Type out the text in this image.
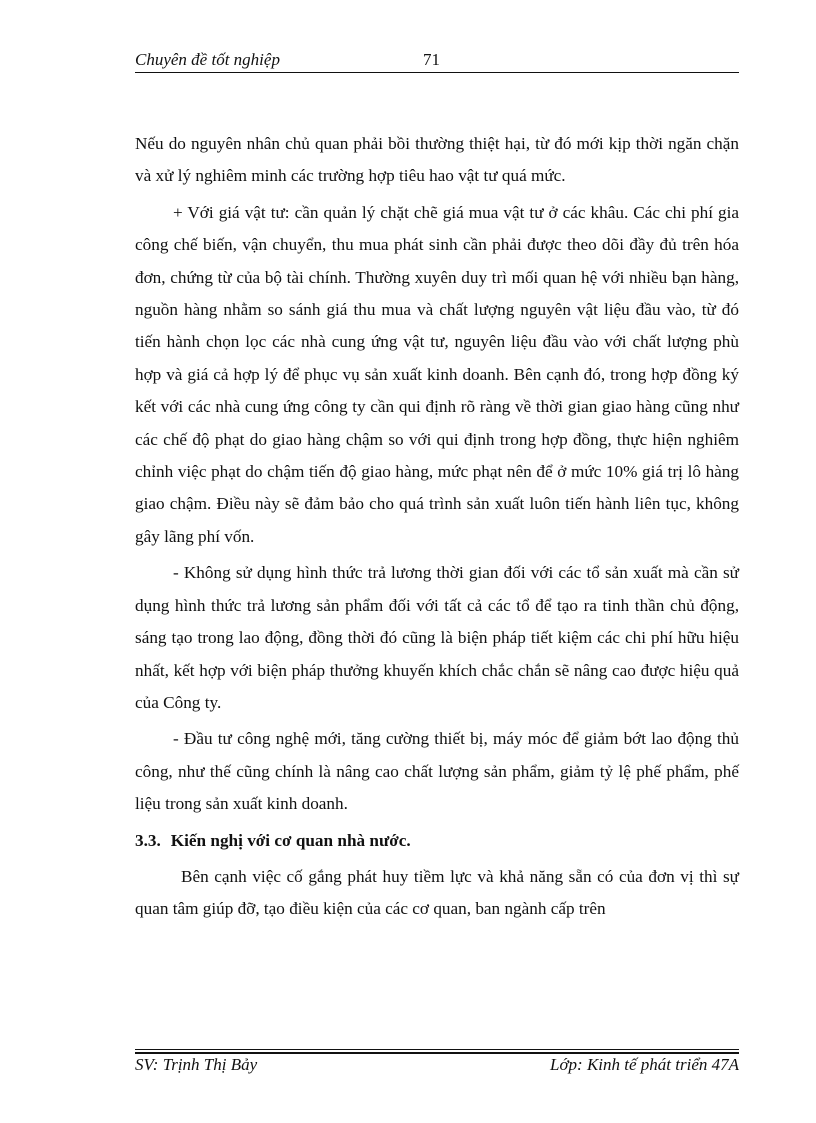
Chuyên đề tốt nghiệp	71

Nếu do nguyên nhân chủ quan phải bồi thường thiệt hại, từ đó mới kịp thời ngăn chặn và xử lý nghiêm minh các trường hợp tiêu hao vật tư quá mức.

+ Với giá vật tư: cần quản lý chặt chẽ giá mua vật tư ở các khâu. Các chi phí gia công chế biến, vận chuyển, thu mua phát sinh cần phải được theo dõi đầy đủ trên hóa đơn, chứng từ của bộ tài chính. Thường xuyên duy trì mối quan hệ với nhiều bạn hàng, nguồn hàng nhằm so sánh giá thu mua và chất lượng nguyên vật liệu đầu vào, từ đó tiến hành chọn lọc các nhà cung ứng vật tư, nguyên liệu đầu vào với chất lượng phù hợp và giá cả hợp lý để phục vụ sản xuất kinh doanh. Bên cạnh đó, trong hợp đồng ký kết với các nhà cung ứng công ty cần qui định rõ ràng về thời gian giao hàng cũng như các chế độ phạt do giao hàng chậm so với qui định trong hợp đồng, thực hiện nghiêm chỉnh việc phạt do chậm tiến độ giao hàng, mức phạt nên để ở mức 10% giá trị lô hàng giao chậm. Điều này sẽ đảm bảo cho quá trình sản xuất luôn tiến hành liên tục, không gây lãng phí vốn.

- Không sử dụng hình thức trả lương thời gian đối với các tổ sản xuất mà cần sử dụng hình thức trả lương sản phẩm đối với tất cả các tổ để tạo ra tinh thần chủ động, sáng tạo trong lao động, đồng thời đó cũng là biện pháp tiết kiệm các chi phí hữu hiệu nhất, kết hợp với biện pháp thưởng khuyến khích chắc chắn sẽ nâng cao được hiệu quả của Công ty.

- Đầu tư công nghệ mới, tăng cường thiết bị, máy móc để giảm bớt lao động thủ công, như thế cũng chính là nâng cao chất lượng sản phẩm, giảm tỷ lệ phế phẩm, phế liệu trong sản xuất kinh doanh.

3.3. Kiến nghị với cơ quan nhà nước.

Bên cạnh việc cố gắng phát huy tiềm lực và khả năng sẵn có của đơn vị thì sự quan tâm giúp đỡ, tạo điều kiện của các cơ quan, ban ngành cấp trên

SV: Trịnh Thị Bảy	Lớp: Kinh tế phát triển 47A
